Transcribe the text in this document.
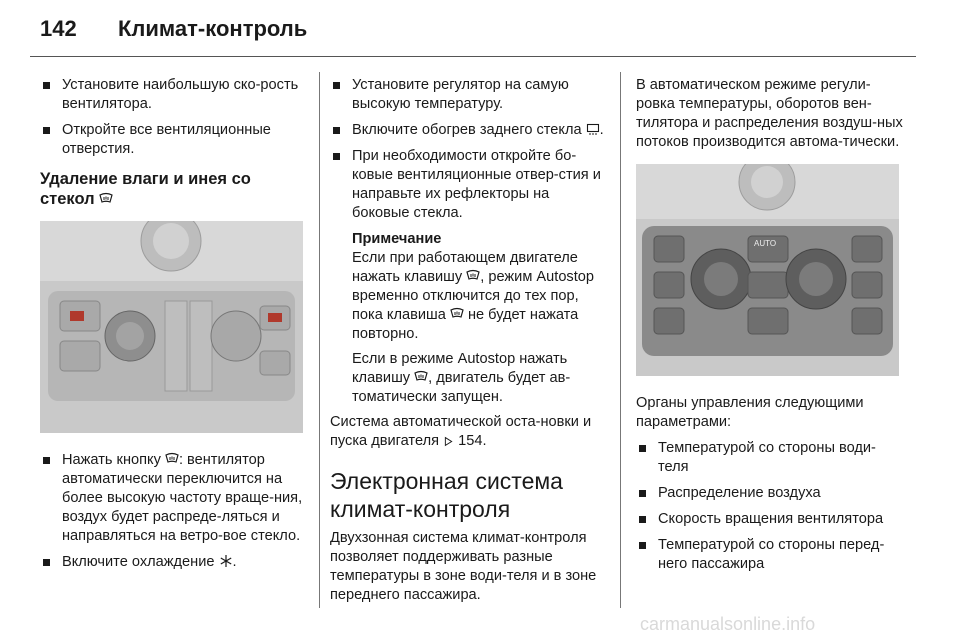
142 Климат-контроль
Установите наибольшую ско-рость вентилятора.
Откройте все вентиляционные отверстия.
Удаление влаги и инея со стекол
Нажать кнопку : вентилятор автоматически переключится на более высокую частоту враще-ния, воздух будет распреде-ляться и направляться на ветро-вое стекло.
Включите охлаждение .
Установите регулятор на самую высокую температуру.
Включите обогрев заднего стекла .
При необходимости откройте бо-ковые вентиляционные отвер-стия и направьте их рефлекторы на боковые стекла.
Примечание
Если при работающем двигателе нажать клавишу , режим Autostop временно отключится до тех пор, пока клавиша не будет нажата повторно.
Если в режиме Autostop нажать клавишу , двигатель будет ав-томатически запущен.
Система автоматической оста-новки и пуска двигателя 154.
Электронная система климат-контроля
Двухзонная система климат-контроля позволяет поддерживать разные температуры в зоне води-теля и в зоне переднего пассажира.
В автоматическом режиме регули-ровка температуры, оборотов вен-тилятора и распределения воздуш-ных потоков производится автома-тически.
AUTO
Органы управления следующими параметрами:
Температурой со стороны води-теля
Распределение воздуха
Скорость вращения вентилятора
Температурой со стороны перед-него пассажира
carmanualsonline.info
